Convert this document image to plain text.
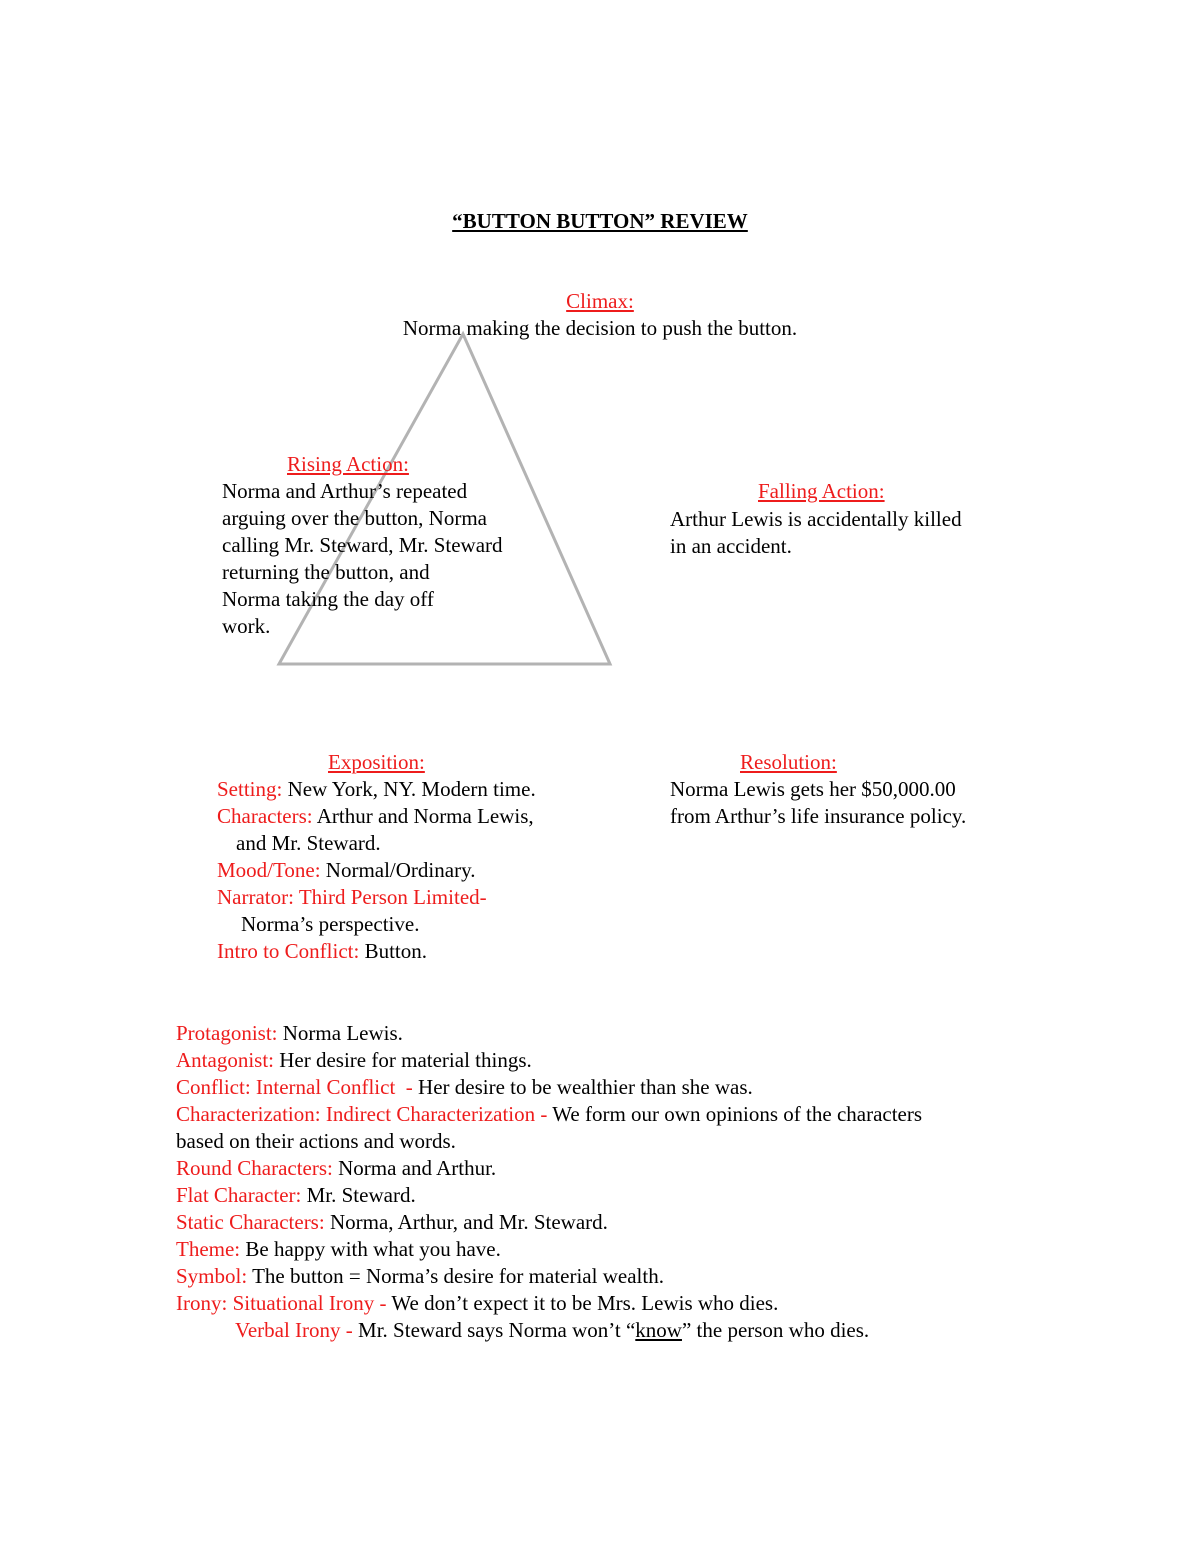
“BUTTON BUTTON” REVIEW
Climax:
Norma making the decision to push the button.
Rising Action:
Norma and Arthur’s repeated
arguing over the button, Norma
calling Mr. Steward, Mr. Steward
returning the button, and
Norma taking the day off
work.
Falling Action:
Arthur Lewis is accidentally killed
in an accident.
Exposition:
Setting: New York, NY. Modern time.
Characters: Arthur and Norma Lewis,
and Mr. Steward.
Mood/Tone: Normal/Ordinary.
Narrator: Third Person Limited-
Norma’s perspective.
Intro to Conflict: Button.
Resolution:
Norma Lewis gets her $50,000.00
from Arthur’s life insurance policy.
Protagonist: Norma Lewis.
Antagonist: Her desire for material things.
Conflict: Internal Conflict  - Her desire to be wealthier than she was.
Characterization: Indirect Characterization - We form our own opinions of the characters
based on their actions and words.
Round Characters: Norma and Arthur.
Flat Character: Mr. Steward.
Static Characters: Norma, Arthur, and Mr. Steward.
Theme: Be happy with what you have.
Symbol: The button = Norma’s desire for material wealth.
Irony: Situational Irony - We don’t expect it to be Mrs. Lewis who dies.
Verbal Irony - Mr. Steward says Norma won’t “know” the person who dies.
